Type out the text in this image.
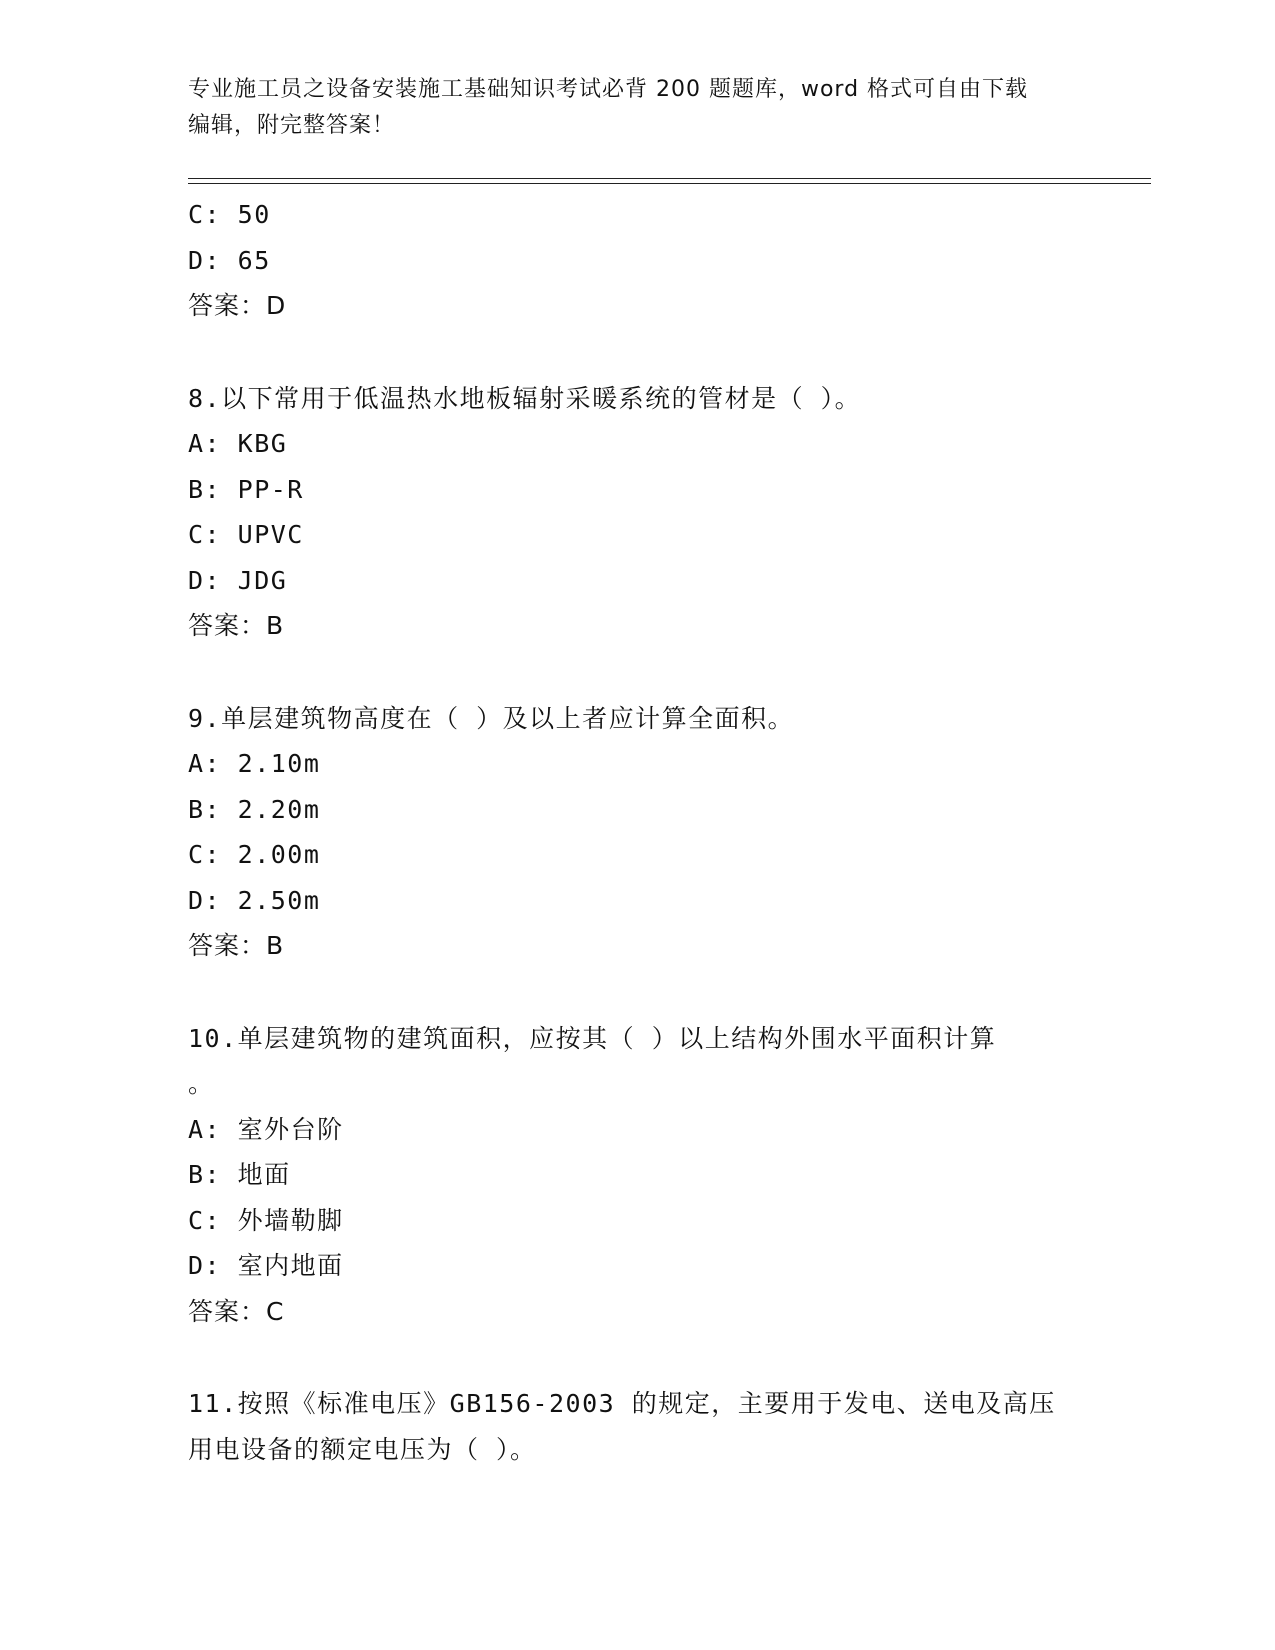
专业施工员之设备安装施工基础知识考试必背 200 题题库，word 格式可自由下载
编辑，附完整答案！
C: 50
D: 65
答案：D
8.以下常用于低温热水地板辐射采暖系统的管材是（ ）。
A: KBG
B: PP-R
C: UPVC
D: JDG
答案：B
9.单层建筑物高度在（ ）及以上者应计算全面积。
A: 2.10m
B: 2.20m
C: 2.00m
D: 2.50m
答案：B
10.单层建筑物的建筑面积，应按其（ ）以上结构外围水平面积计算
。
A: 室外台阶
B: 地面
C: 外墙勒脚
D: 室内地面
答案：C
11.按照《标准电压》GB156-2003 的规定，主要用于发电、送电及高压
用电设备的额定电压为（ ）。
